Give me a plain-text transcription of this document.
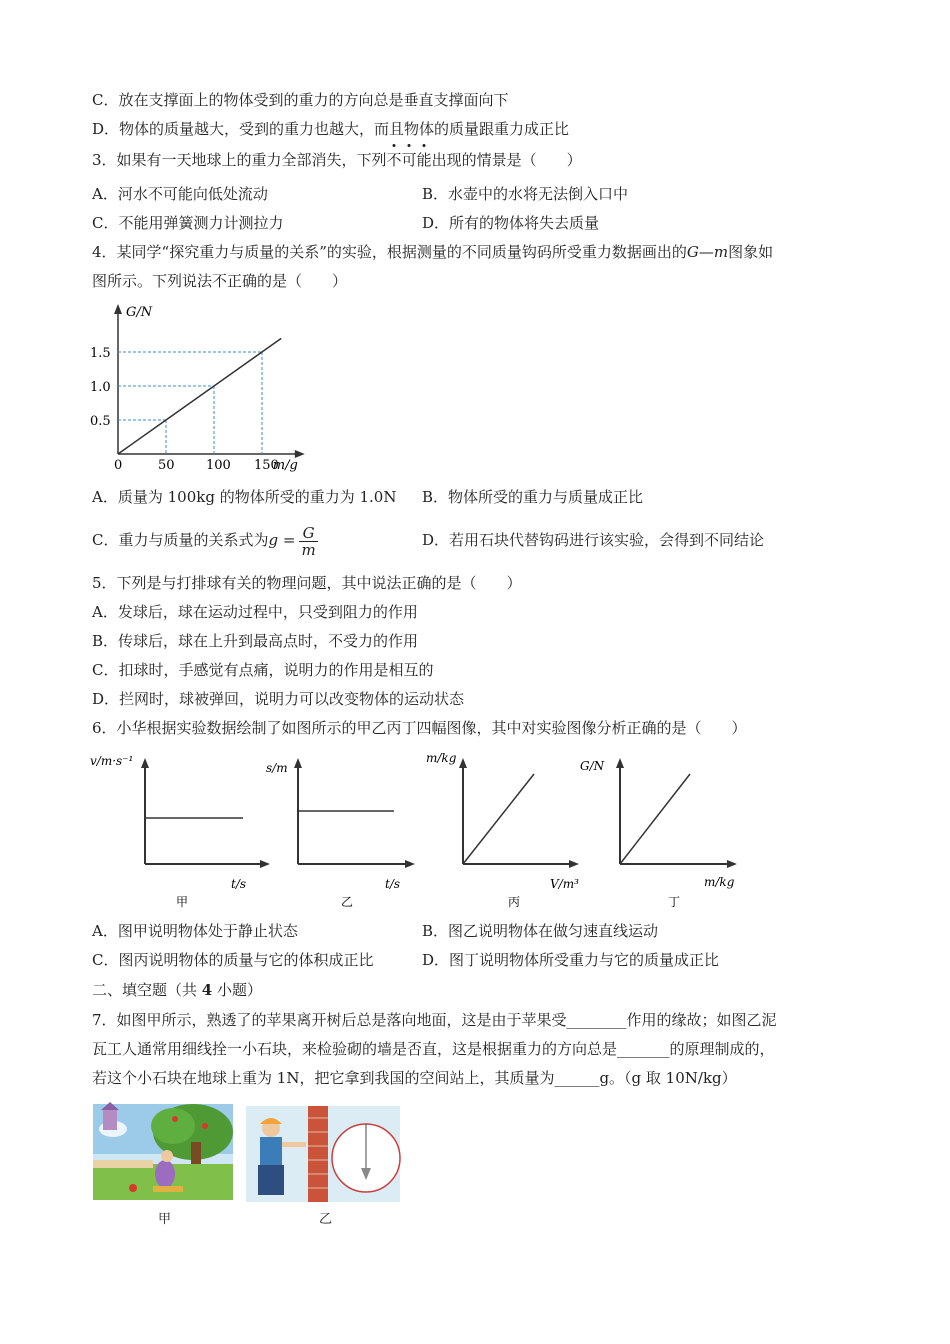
C．放在支撑面上的物体受到的重力的方向总是垂直支撑面向下
D．物体的质量越大，受到的重力也越大，而且物体的质量跟重力成正比
3．如果有一天地球上的重力全部消失，下列不可能出现的情景是（　　）
A．河水不可能向低处流动	B．水壶中的水将无法倒入口中
C．不能用弹簧测力计测拉力	D．所有的物体将失去质量
4．某同学“探究重力与质量的关系”的实验，根据测量的不同质量钩码所受重力数据画出的G—m图象如
图所示。下列说法不正确的是（　　）
0	50 100 150
0.5
1.0
1.5
G/N
m/g
A．质量为 100kg 的物体所受的重力为 1.0N B．物体所受的重力与质量成正比
C．重力与质量的关系式为$g = \frac{G}{m}$	D．若用石块代替钩码进行该实验，会得到不同结论
5．下列是与打排球有关的物理问题，其中说法正确的是（　　）
A．发球后，球在运动过程中，只受到阻力的作用
B．传球后，球在上升到最高点时，不受力的作用
C．扣球时，手感觉有点痛，说明力的作用是相互的
D．拦网时，球被弹回，说明力可以改变物体的运动状态
6．小华根据实验数据绘制了如图所示的甲乙丙丁四幅图像，其中对实验图像分析正确的是（　　）
v/m·s⁻¹
t/s
甲
s/m
t/s
乙
m/kg
V/m³
丙
G/N
m/kg
丁
A．图甲说明物体处于静止状态	B．图乙说明物体在做匀速直线运动
C．图丙说明物体的质量与它的体积成正比	D．图丁说明物体所受重力与它的质量成正比
二、填空题（共 4 小题）
7．如图甲所示，熟透了的苹果离开树后总是落向地面，这是由于苹果受________作用的缘故；如图乙泥
瓦工人通常用细线拴一小石块，来检验砌的墙是否直，这是根据重力的方向总是_______的原理制成的，
若这个小石块在地球上重为 1N，把它拿到我国的空间站上，其质量为______g。（g 取 10N/kg）
甲	乙
